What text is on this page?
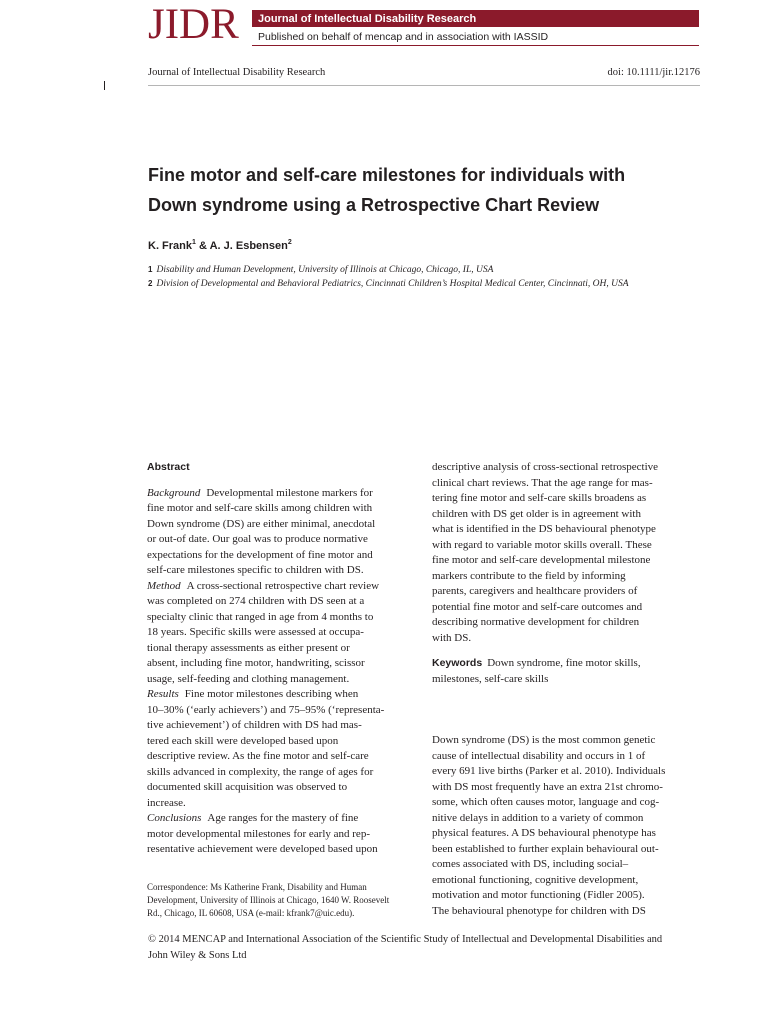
JIDR Journal of Intellectual Disability Research
Published on behalf of mencap and in association with IASSID
Journal of Intellectual Disability Research	doi: 10.1111/jir.12176
Fine motor and self-care milestones for individuals with
Down syndrome using a Retrospective Chart Review
K. Frank$^1$ & A. J. Esbensen$^2$
1 Disability and Human Development, University of Illinois at Chicago, Chicago, IL, USA
2 Division of Developmental and Behavioral Pediatrics, Cincinnati Children’s Hospital Medical Center, Cincinnati, OH, USA
Abstract
Background Developmental milestone markers for
fine motor and self-care skills among children with
Down syndrome (DS) are either minimal, anecdotal
or out-of date. Our goal was to produce normative
expectations for the development of fine motor and
self-care milestones specific to children with DS.
Method A cross-sectional retrospective chart review
was completed on 274 children with DS seen at a
specialty clinic that ranged in age from 4 months to
18 years. Specific skills were assessed at occupa-
tional therapy assessments as either present or
absent, including fine motor, handwriting, scissor
usage, self-feeding and clothing management.
Results Fine motor milestones describing when
10–30% (‘early achievers’) and 75–95% (‘representa-
tive achievement’) of children with DS had mas-
tered each skill were developed based upon
descriptive review. As the fine motor and self-care
skills advanced in complexity, the range of ages for
documented skill acquisition was observed to
increase.
Conclusions Age ranges for the mastery of fine
motor developmental milestones for early and rep-
resentative achievement were developed based upon
Correspondence: Ms Katherine Frank, Disability and Human
Development, University of Illinois at Chicago, 1640 W. Roosevelt
Rd., Chicago, IL 60608, USA (e-mail: kfrank7@uic.edu).
descriptive analysis of cross-sectional retrospective
clinical chart reviews. That the age range for mas-
tering fine motor and self-care skills broadens as
children with DS get older is in agreement with
what is identified in the DS behavioural phenotype
with regard to variable motor skills overall. These
fine motor and self-care developmental milestone
markers contribute to the field by informing
parents, caregivers and healthcare providers of
potential fine motor and self-care outcomes and
describing normative development for children
with DS.
Keywords Down syndrome, fine motor skills,
milestones, self-care skills
Down syndrome (DS) is the most common genetic
cause of intellectual disability and occurs in 1 of
every 691 live births (Parker et al. 2010). Individuals
with DS most frequently have an extra 21st chromo-
some, which often causes motor, language and cog-
nitive delays in addition to a variety of common
physical features. A DS behavioural phenotype has
been established to further explain behavioural out-
comes associated with DS, including social–
emotional functioning, cognitive development,
motivation and motor functioning (Fidler 2005).
The behavioural phenotype for children with DS
© 2014 MENCAP and International Association of the Scientific Study of Intellectual and Developmental Disabilities and
John Wiley & Sons Ltd
